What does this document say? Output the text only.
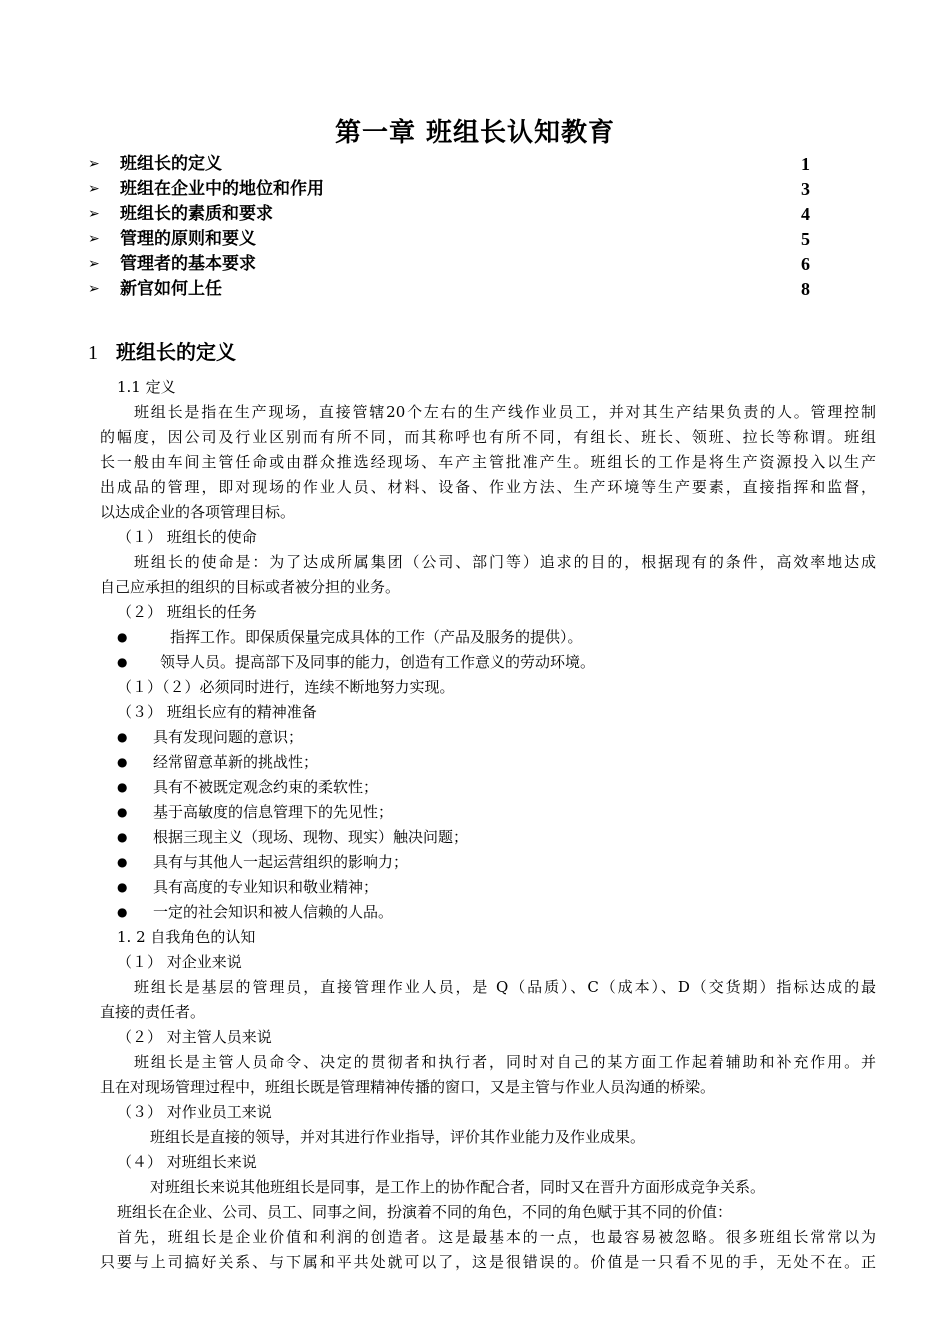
第一章 班组长认知教育
➢ 班组长的定义	1
➢ 班组在企业中的地位和作用	3
➢ 班组长的素质和要求	4
➢ 管理的原则和要义	5
➢ 管理者的基本要求	6
➢ 新官如何上任	8
1 班组长的定义
1.1 定义
班组长是指在生产现场，直接管辖20个左右的生产线作业员工，并对其生产结果负责的人。管理控制
的幅度，因公司及行业区别而有所不同，而其称呼也有所不同，有组长、班长、领班、拉长等称谓。班组
长一般由车间主管任命或由群众推选经现场、车产主管批准产生。班组长的工作是将生产资源投入以生产
出成品的管理，即对现场的作业人员、材料、设备、作业方法、生产环境等生产要素，直接指挥和监督，
以达成企业的各项管理目标。
（１） 班组长的使命
班组长的使命是：为了达成所属集团（公司、部门等）追求的目的，根据现有的条件，高效率地达成
自己应承担的组织的目标或者被分担的业务。
（２） 班组长的任务
●	指挥工作。即保质保量完成具体的工作（产品及服务的提供）。
● 领导人员。提高部下及同事的能力，创造有工作意义的劳动环境。
（１）（２）必须同时进行，连续不断地努力实现。
（３） 班组长应有的精神准备
● 具有发现问题的意识；
● 经常留意革新的挑战性；
● 具有不被既定观念约束的柔软性；
● 基于高敏度的信息管理下的先见性；
● 根据三现主义（现场、现物、现实）触决问题；
● 具有与其他人一起运营组织的影响力；
● 具有高度的专业知识和敬业精神；
● 一定的社会知识和被人信赖的人品。
1. 2 自我角色的认知
（１） 对企业来说
班组长是基层的管理员，直接管理作业人员，是 Q（品质）、C（成本）、D（交货期）指标达成的最
直接的责任者。
（２） 对主管人员来说
班组长是主管人员命令、决定的贯彻者和执行者，同时对自己的某方面工作起着辅助和补充作用。并
且在对现场管理过程中，班组长既是管理精神传播的窗口，又是主管与作业人员沟通的桥梁。
（３） 对作业员工来说
班组长是直接的领导，并对其进行作业指导，评价其作业能力及作业成果。
（４） 对班组长来说
对班组长来说其他班组长是同事，是工作上的协作配合者，同时又在晋升方面形成竞争关系。
班组长在企业、公司、员工、同事之间，扮演着不同的角色，不同的角色赋于其不同的价值：
首先，班组长是企业价值和利润的创造者。这是最基本的一点，也最容易被忽略。很多班组长常常以为
只要与上司搞好关系、与下属和平共处就可以了，这是很错误的。价值是一只看不见的手，无处不在。正
